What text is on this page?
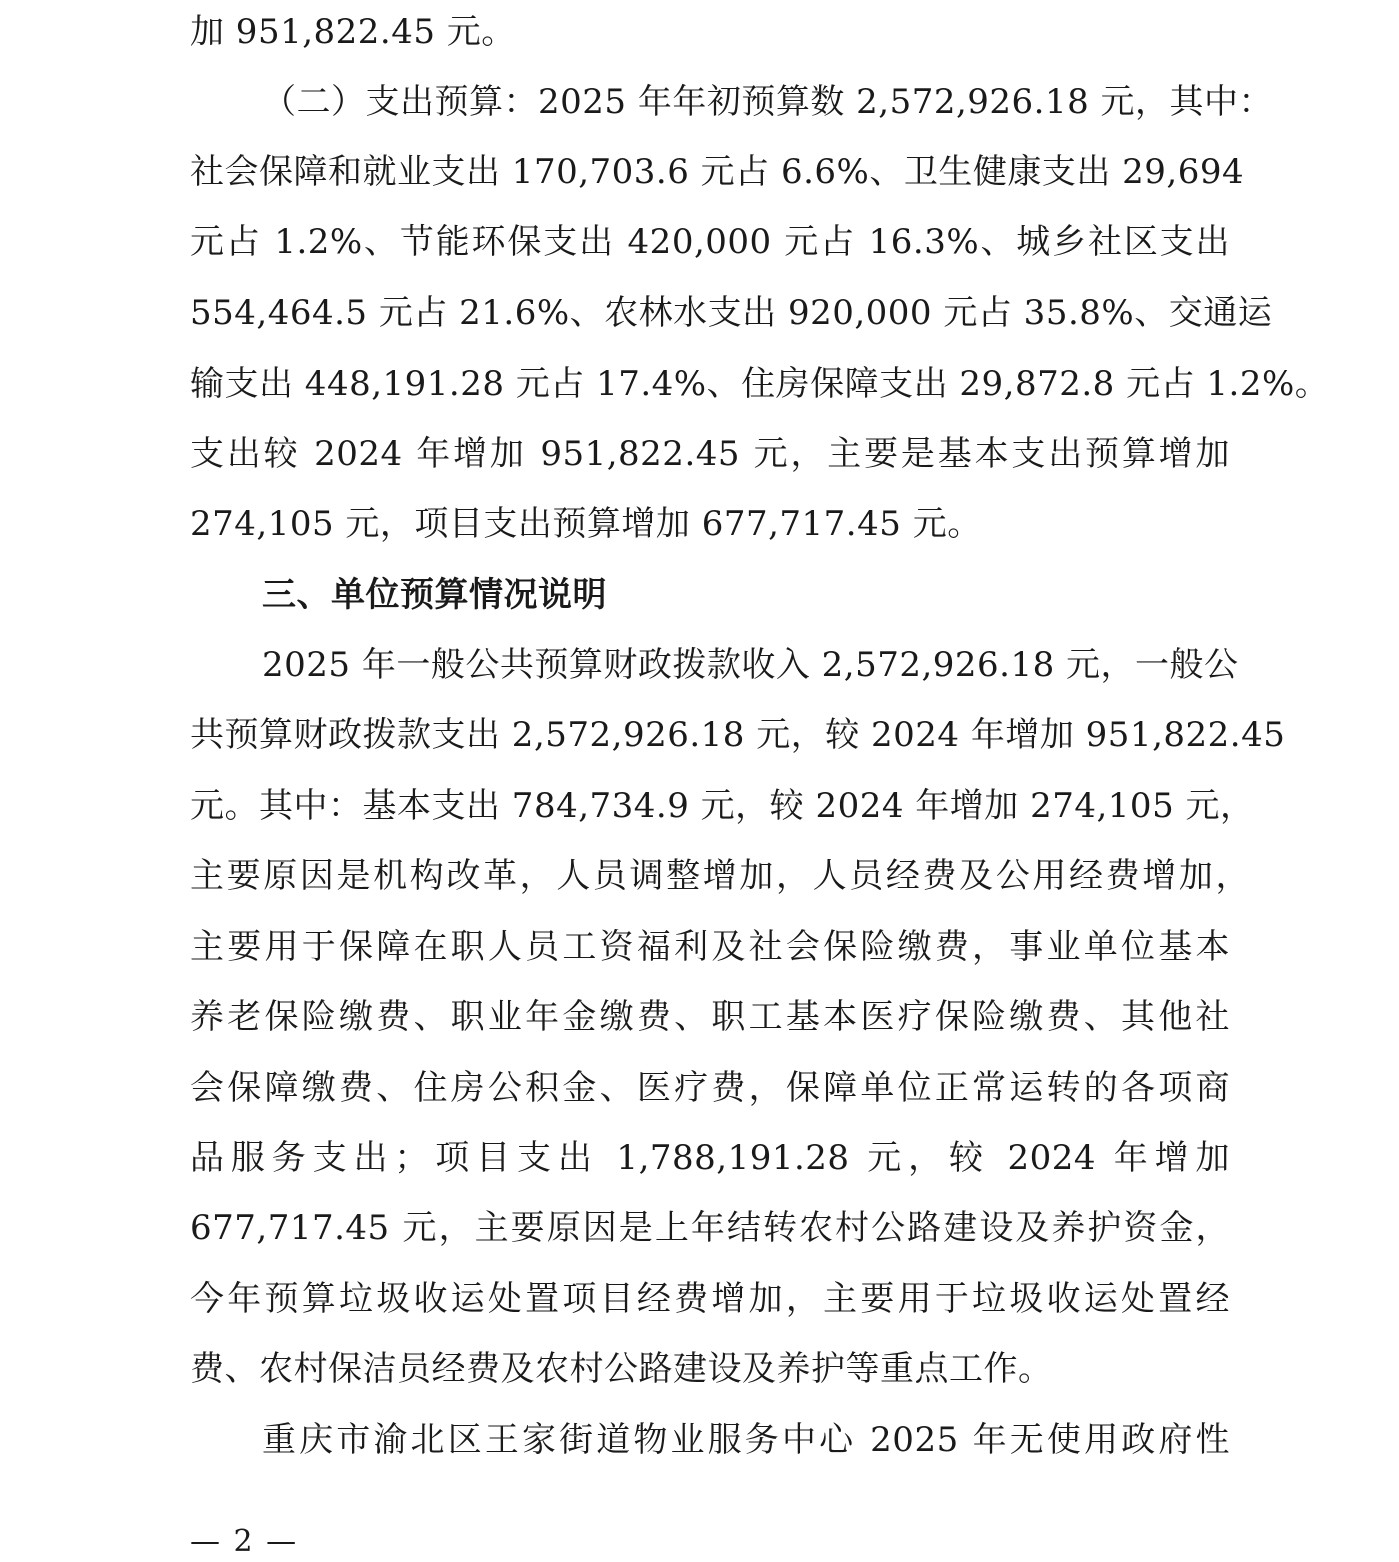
加 951,822.45 元。
（二）支出预算：2025 年年初预算数 2,572,926.18 元，其中：
社会保障和就业支出 170,703.6 元占 6.6%、卫生健康支出 29,694
元占 1.2%、节能环保支出 420,000 元占 16.3%、城乡社区支出
554,464.5 元占 21.6%、农林水支出 920,000 元占 35.8%、交通运
输支出 448,191.28 元占 17.4%、住房保障支出 29,872.8 元占 1.2%。
支出较 2024 年增加 951,822.45 元，主要是基本支出预算增加
274,105 元，项目支出预算增加 677,717.45 元。
三、单位预算情况说明
2025 年一般公共预算财政拨款收入 2,572,926.18 元，一般公
共预算财政拨款支出 2,572,926.18 元，较 2024 年增加 951,822.45
元。其中：基本支出 784,734.9 元，较 2024 年增加 274,105 元，
主要原因是机构改革，人员调整增加，人员经费及公用经费增加，
主要用于保障在职人员工资福利及社会保险缴费，事业单位基本
养老保险缴费、职业年金缴费、职工基本医疗保险缴费、其他社
会保障缴费、住房公积金、医疗费，保障单位正常运转的各项商
品服务支出；项目支出 1,788,191.28 元，较 2024 年增加
677,717.45 元，主要原因是上年结转农村公路建设及养护资金，
今年预算垃圾收运处置项目经费增加，主要用于垃圾收运处置经
费、农村保洁员经费及农村公路建设及养护等重点工作。
重庆市渝北区王家街道物业服务中心 2025 年无使用政府性
— 2 —
